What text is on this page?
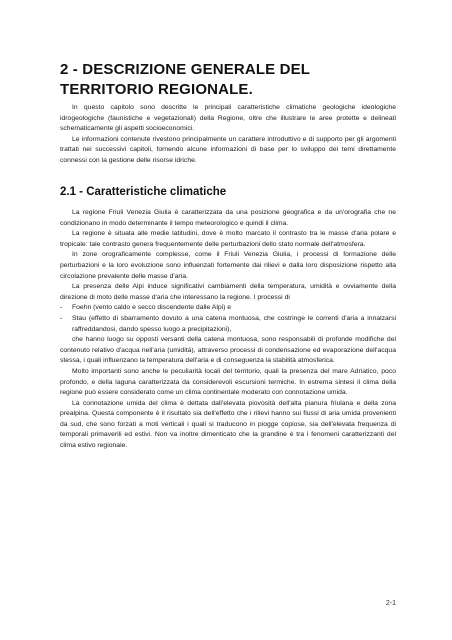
2 - DESCRIZIONE GENERALE DEL TERRITORIO REGIONALE.

In questo capitolo sono descritte le principali caratteristiche climatiche geologiche ideologiche idrogeologiche (faunistiche e vegetazionali) della Regione, oltre che illustrare le aree protette e delineati schematicamente gli aspetti socioeconomici.

Le informazioni contenute rivestono principalmente un carattere introduttivo e di supporto per gli argomenti trattati nei successivi capitoli, fornendo alcune informazioni di base per lo sviluppo dei temi direttamente connessi con la gestione delle risorse idriche.

2.1 - Caratteristiche climatiche

La regione Friuli Venezia Giulia è caratterizzata da una posizione geografica e da un'orografia che ne condizionano in modo determinante il tempo meteorologico e quindi il clima.

La regione è situata alle medie latitudini, dove è molto marcato il contrasto tra le masse d'aria polare e tropicale: tale contrasto genera frequentemente delle perturbazioni dello stato normale dell'atmosfera.

In zone orograficamente complesse, come il Friuli Venezia Giulia, i processi di formazione delle perturbazioni e la loro evoluzione sono influenzati fortemente dai rilievi e dalla loro disposizione rispetto alla circolazione prevalente delle masse d'aria.

La presenza delle Alpi induce significativi cambiamenti della temperatura, umidità e ovviamente della direzione di moto delle masse d'aria che interessano la regione. I processi di

-	Foehn (vento caldo e secco discendente dalle Alpi) e
-	Stau (effetto di sbarramento dovuto a una catena montuosa, che costringe le correnti d'aria a innalzarsi raffreddandosi, dando spesso luogo a precipitazioni),

che hanno luogo su opposti versanti della catena montuosa, sono responsabili di profonde modifiche del contenuto relativo d'acqua nell'aria (umidità), attraverso processi di condensazione ed evaporazione dell'acqua stessa, i quali influenzano la temperatura dell'aria e di conseguenza la stabilità atmosferica.

Molto importanti sono anche le peculiarità locali del territorio, quali la presenza del mare Adriatico, poco profondo, e della laguna caratterizzata da considerevoli escursioni termiche. In estrema sintesi il clima della regione può essere considerato come un clima continentale moderato con connotazione umida.

La connotazione umida del clima è dettata dall'elevata piovosità dell'alta pianura friulana e della zona prealpina. Questa componente è il risultato sia dell'effetto che i rilievi hanno sui flussi di aria umida provenienti da sud, che sono forzati a moti verticali i quali si traducono in piogge copiose, sia dell'elevata frequenza di temporali primaverili ed estivi. Non va inoltre dimenticato che la grandine è tra i fenomeni caratterizzanti del clima estivo regionale.

2-1
